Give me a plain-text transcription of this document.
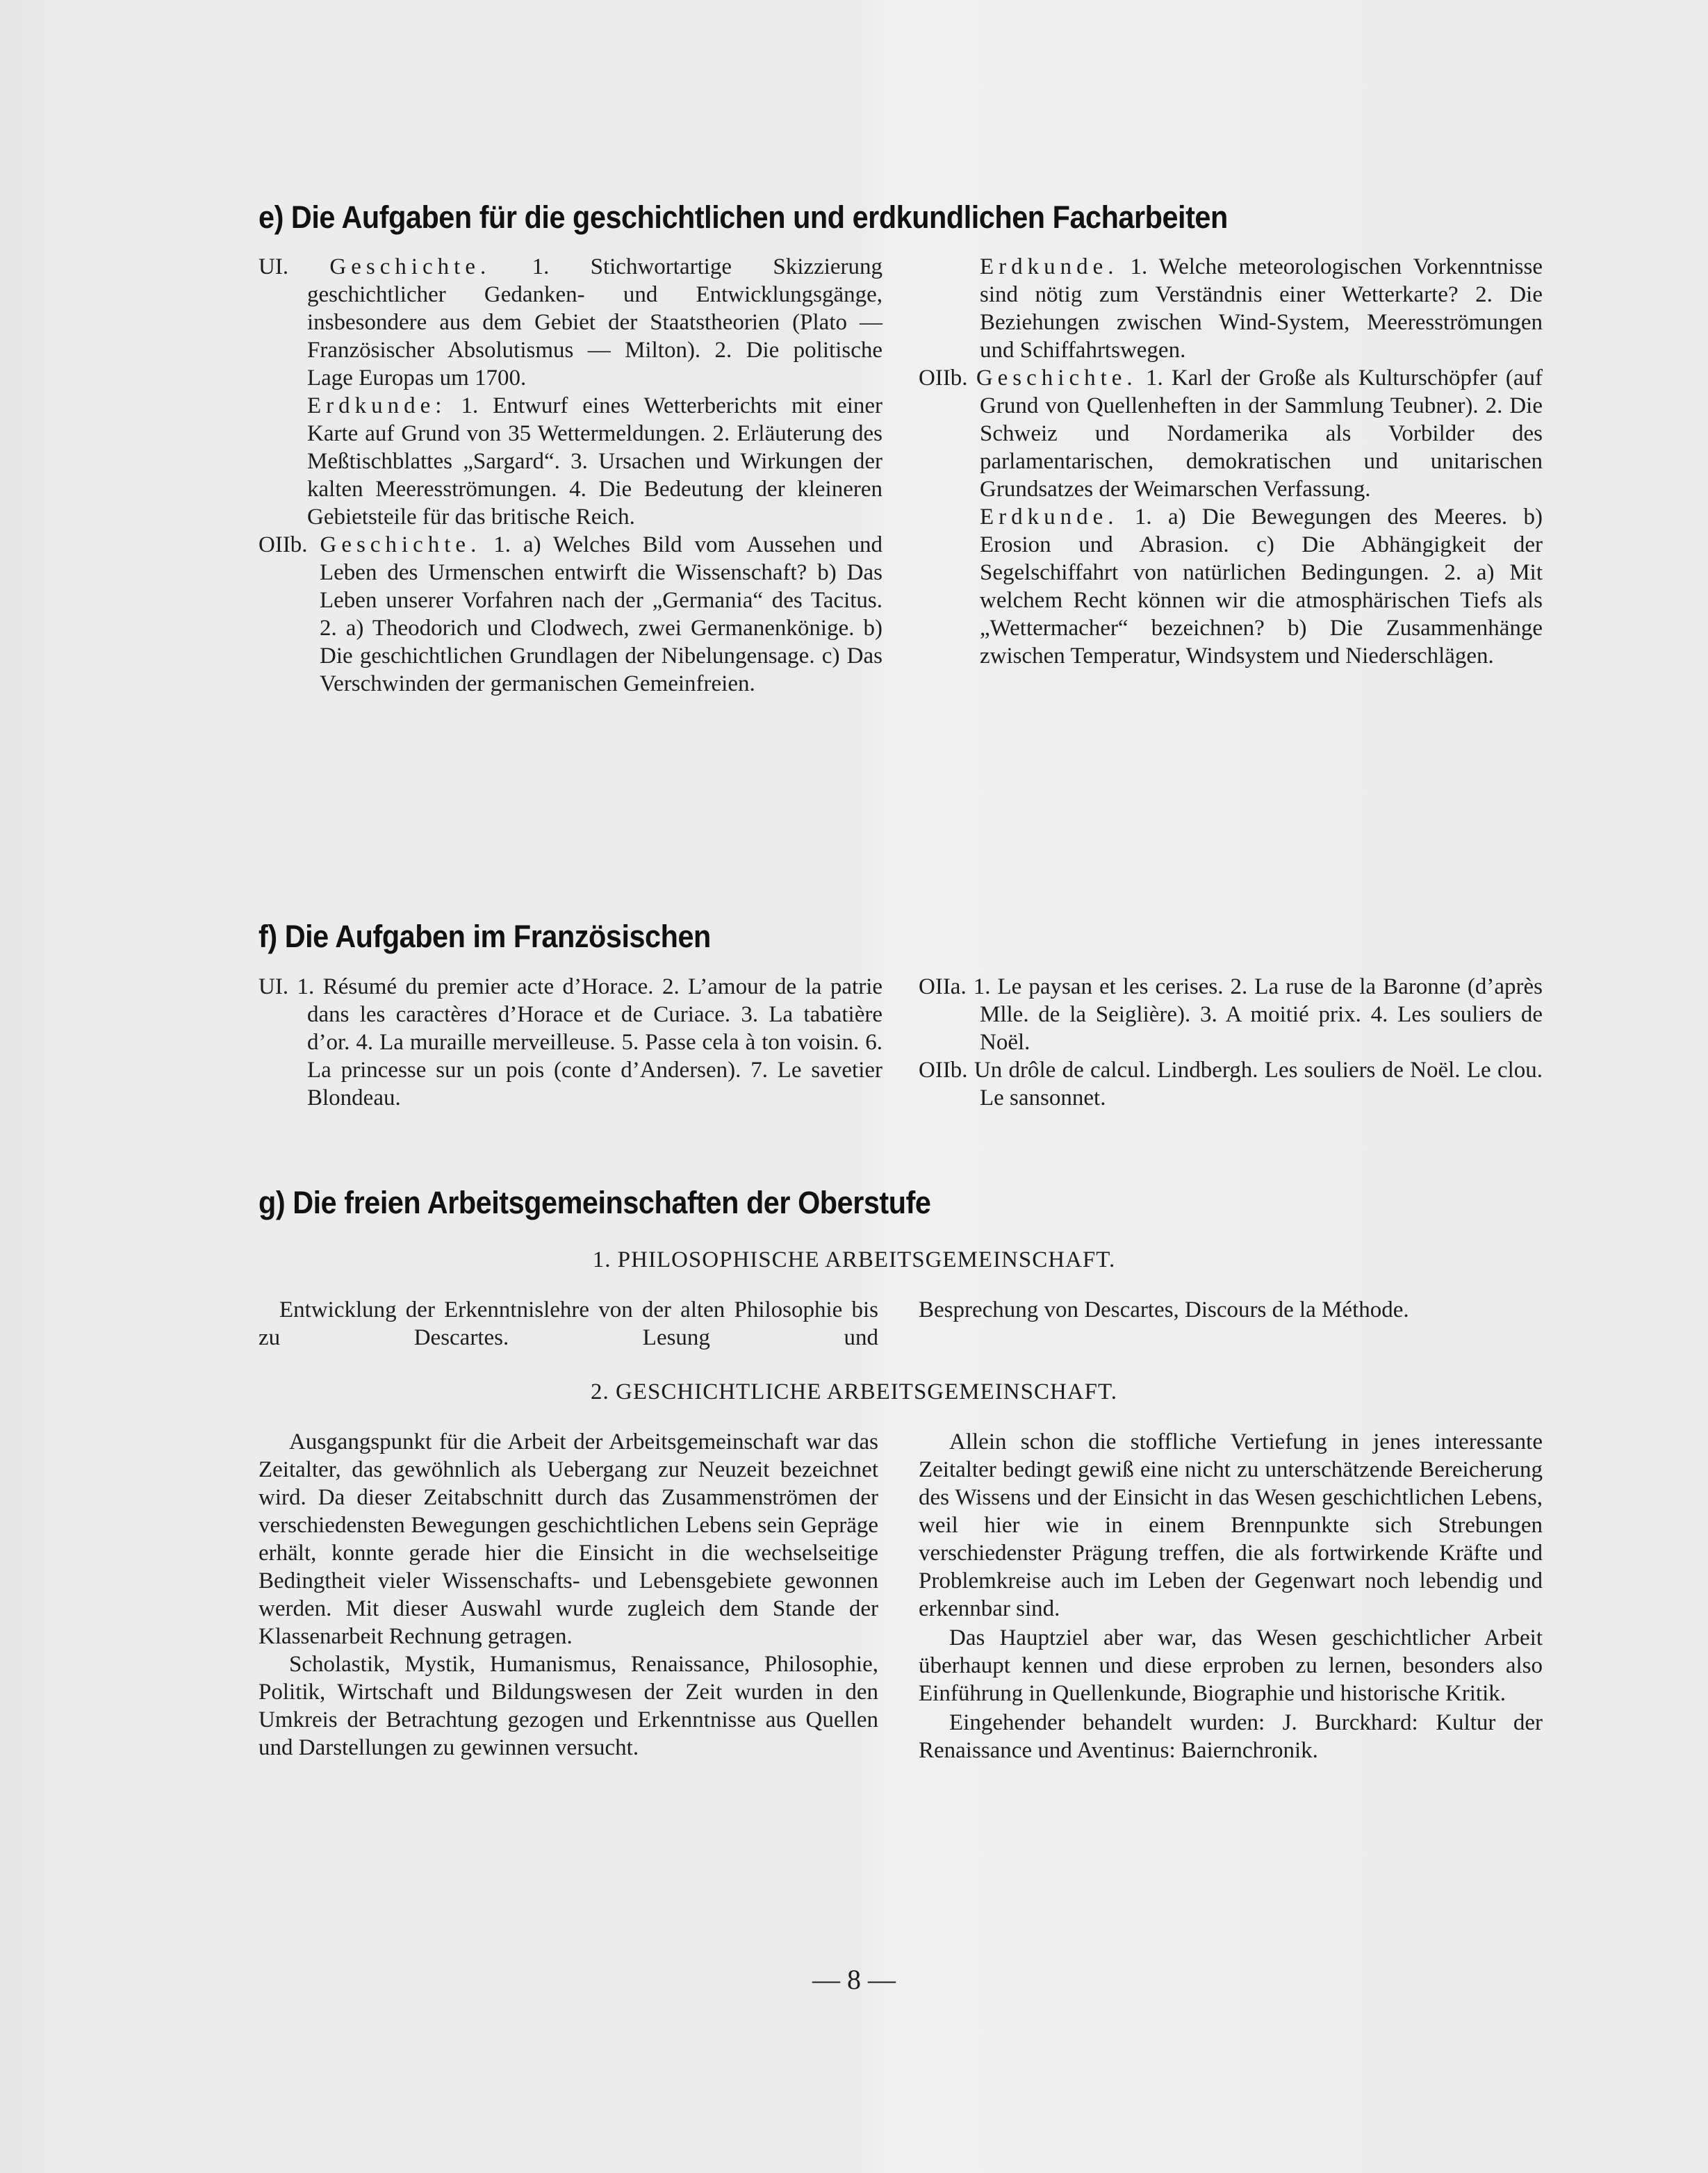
e) Die Aufgaben für die geschichtlichen und erdkundlichen Facharbeiten

UI. Geschichte. 1. Stichwortartige Skizzierung geschichtlicher Gedanken- und Entwicklungsgänge, insbesondere aus dem Gebiet der Staatstheorien (Plato — Französischer Absolutismus — Milton). 2. Die politische Lage Europas um 1700.
Erdkunde: 1. Entwurf eines Wetterberichts mit einer Karte auf Grund von 35 Wettermeldungen. 2. Erläuterung des Meßtischblattes „Sargard“. 3. Ursachen und Wirkungen der kalten Meeresströmungen. 4. Die Bedeutung der kleineren Gebietsteile für das britische Reich.

OIIb. Geschichte. 1. a) Welches Bild vom Aussehen und Leben des Urmenschen entwirft die Wissenschaft? b) Das Leben unserer Vorfahren nach der „Germania“ des Tacitus. 2. a) Theodorich und Clodwech, zwei Germanenkönige. b) Die geschichtlichen Grundlagen der Nibelungensage. c) Das Verschwinden der germanischen Gemeinfreien.

Erdkunde. 1. Welche meteorologischen Vorkenntnisse sind nötig zum Verständnis einer Wetterkarte? 2. Die Beziehungen zwischen Wind-System, Meeresströmungen und Schiffahrtswegen.

OIIb. Geschichte. 1. Karl der Große als Kulturschöpfer (auf Grund von Quellenheften in der Sammlung Teubner). 2. Die Schweiz und Nordamerika als Vorbilder des parlamentarischen, demokratischen und unitarischen Grundsatzes der Weimarschen Verfassung.
Erdkunde. 1. a) Die Bewegungen des Meeres. b) Erosion und Abrasion. c) Die Abhängigkeit der Segelschiffahrt von natürlichen Bedingungen. 2. a) Mit welchem Recht können wir die atmosphärischen Tiefs als „Wettermacher“ bezeichnen? b) Die Zusammenhänge zwischen Temperatur, Windsystem und Niederschlägen.

f) Die Aufgaben im Französischen

UI. 1. Résumé du premier acte d’Horace. 2. L’amour de la patrie dans les caractères d’Horace et de Curiace. 3. La tabatière d’or. 4. La muraille merveilleuse. 5. Passe cela à ton voisin. 6. La princesse sur un pois (conte d’Andersen). 7. Le savetier Blondeau.

OIIa. 1. Le paysan et les cerises. 2. La ruse de la Baronne (d’après Mlle. de la Seiglière). 3. A moitié prix. 4. Les souliers de Noël.

OIIb. Un drôle de calcul. Lindbergh. Les souliers de Noël. Le clou. Le sansonnet.

g) Die freien Arbeitsgemeinschaften der Oberstufe
1. PHILOSOPHISCHE ARBEITSGEMEINSCHAFT.

Entwicklung der Erkenntnislehre von der alten Philosophie bis zu Descartes. Lesung und

Besprechung von Descartes, Discours de la Méthode.

2. GESCHICHTLICHE ARBEITSGEMEINSCHAFT.

Ausgangspunkt für die Arbeit der Arbeitsgemeinschaft war das Zeitalter, das gewöhnlich als Uebergang zur Neuzeit bezeichnet wird. Da dieser Zeitabschnitt durch das Zusammenströmen der verschiedensten Bewegungen geschichtlichen Lebens sein Gepräge erhält, konnte gerade hier die Einsicht in die wechselseitige Bedingtheit vieler Wissenschafts- und Lebensgebiete gewonnen werden. Mit dieser Auswahl wurde zugleich dem Stande der Klassenarbeit Rechnung getragen.

Scholastik, Mystik, Humanismus, Renaissance, Philosophie, Politik, Wirtschaft und Bildungswesen der Zeit wurden in den Umkreis der Betrachtung gezogen und Erkenntnisse aus Quellen und Darstellungen zu gewinnen versucht.

Allein schon die stoffliche Vertiefung in jenes interessante Zeitalter bedingt gewiß eine nicht zu unterschätzende Bereicherung des Wissens und der Einsicht in das Wesen geschichtlichen Lebens, weil hier wie in einem Brennpunkte sich Strebungen verschiedenster Prägung treffen, die als fortwirkende Kräfte und Problemkreise auch im Leben der Gegenwart noch lebendig und erkennbar sind.

Das Hauptziel aber war, das Wesen geschichtlicher Arbeit überhaupt kennen und diese erproben zu lernen, besonders also Einführung in Quellenkunde, Biographie und historische Kritik.

Eingehender behandelt wurden: J. Burckhard: Kultur der Renaissance und Aventinus: Baiernchronik.

— 8 —
